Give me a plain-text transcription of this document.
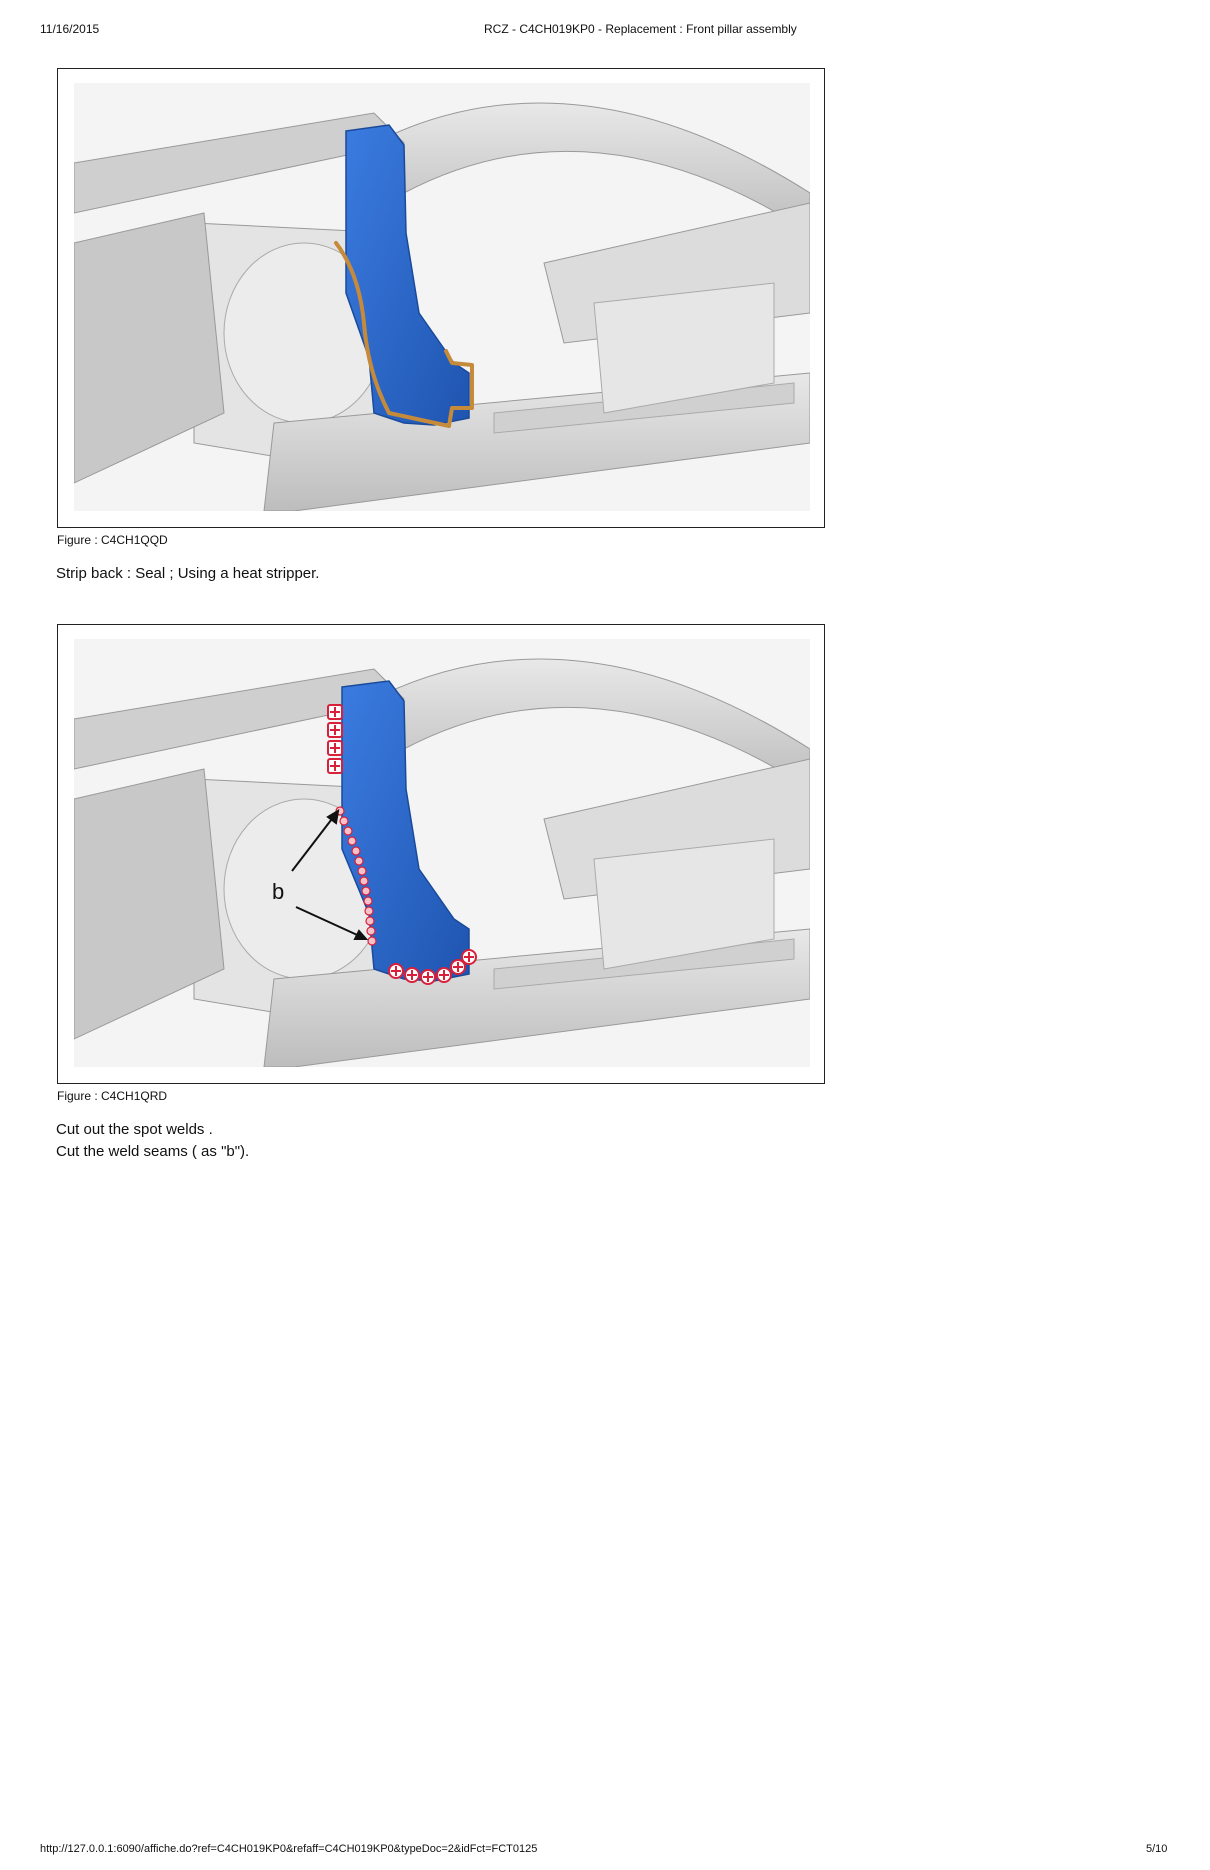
11/16/2015	RCZ - C4CH019KP0 - Replacement : Front pillar assembly
Figure : C4CH1QQD
Strip back : Seal ; Using a heat stripper.
b
Figure : C4CH1QRD
Cut out the spot welds .
Cut the weld seams ( as "b").
http://127.0.0.1:6090/affiche.do?ref=C4CH019KP0&refaff=C4CH019KP0&typeDoc=2&idFct=FCT0125	5/10
